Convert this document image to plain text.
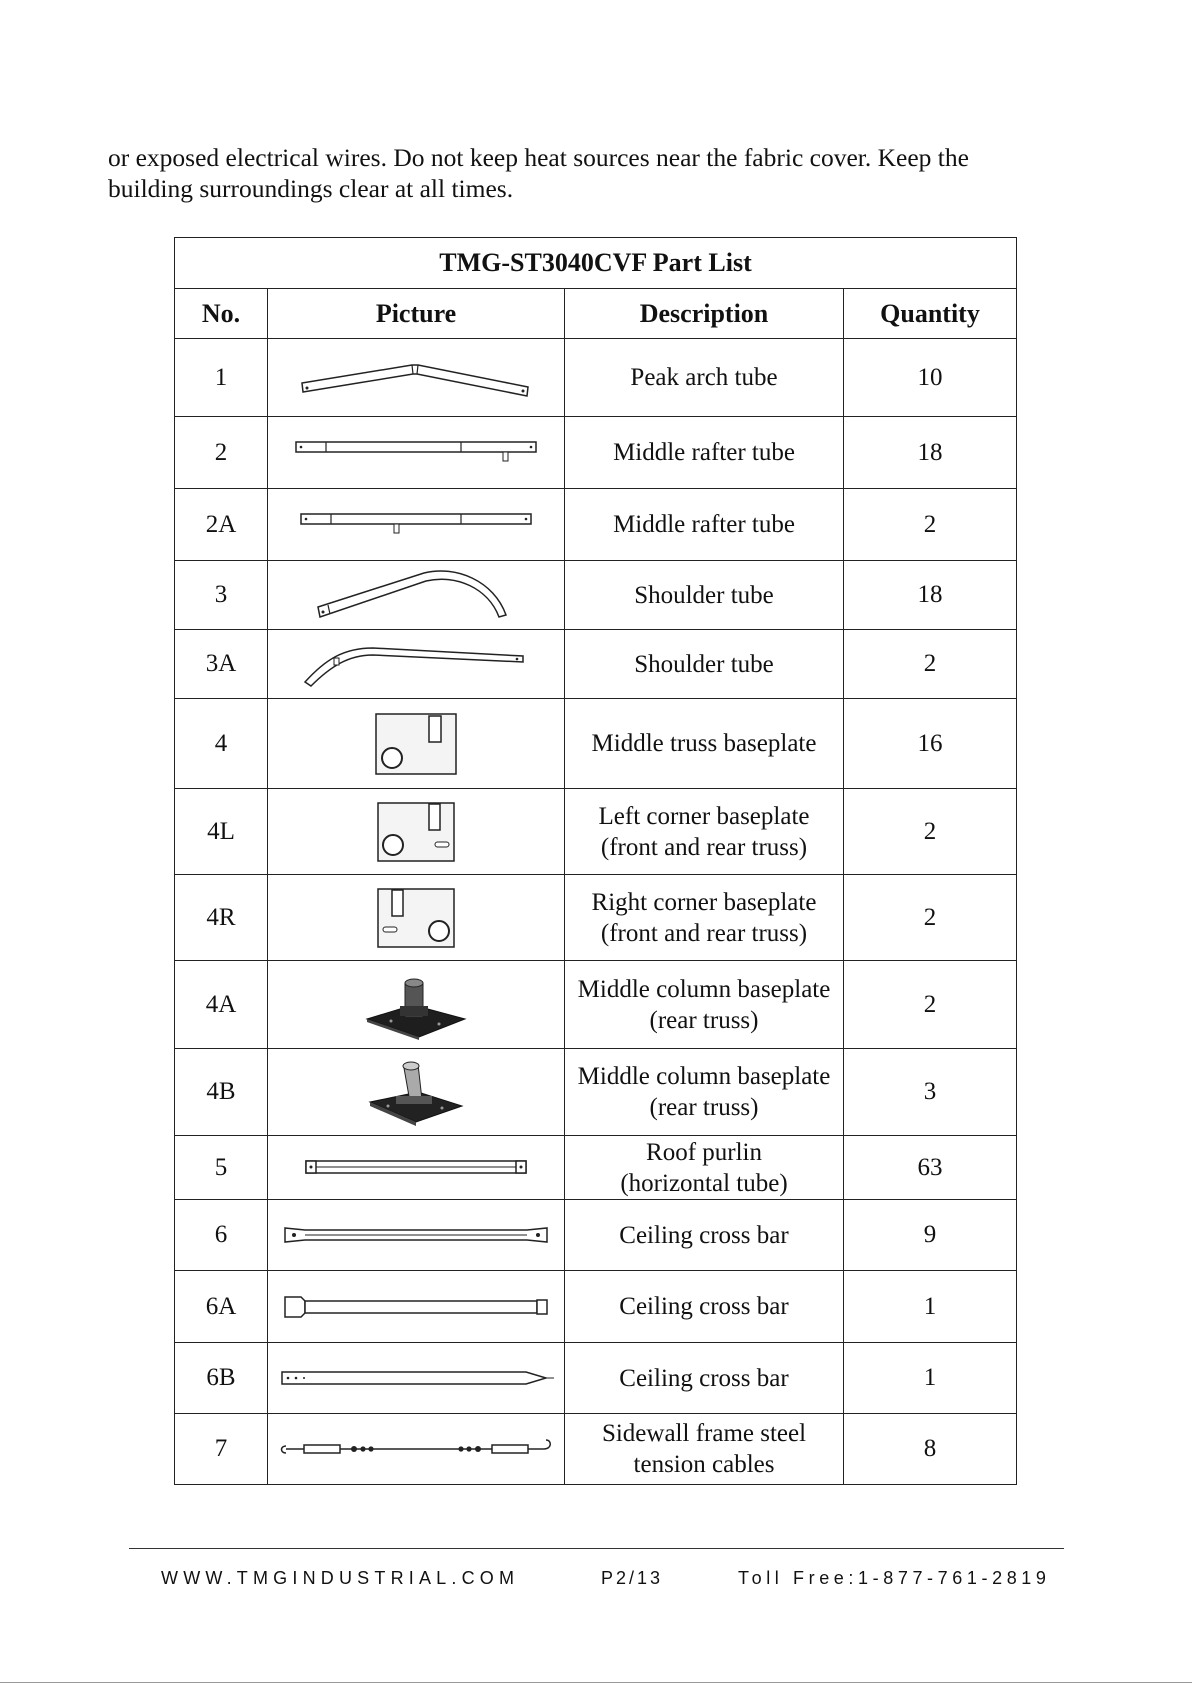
or exposed electrical wires. Do not keep heat sources near the fabric cover. Keep the
building surroundings clear at all times.
TMG-ST3040CVF Part List			
No.	Picture	Description	Quantity
1		Peak arch tube	10
2		Middle rafter tube	18
2A		Middle rafter tube	2
3		Shoulder tube	18
3A		Shoulder tube	2
4		Middle truss baseplate	16
4L		Left corner baseplate
(front and rear truss)	2
4R		Right corner baseplate
(front and rear truss)	2
4A		Middle column baseplate
(rear truss)	2
4B		Middle column baseplate
(rear truss)	3
5		Roof purlin
(horizontal tube)	63
6		Ceiling cross bar	9
6A		Ceiling cross bar	1
6B		Ceiling cross bar	1
7		Sidewall frame steel
tension cables	8
WWW.TMGINDUSTRIAL.COM	P2/13	Toll Free:1-877-761-2819
